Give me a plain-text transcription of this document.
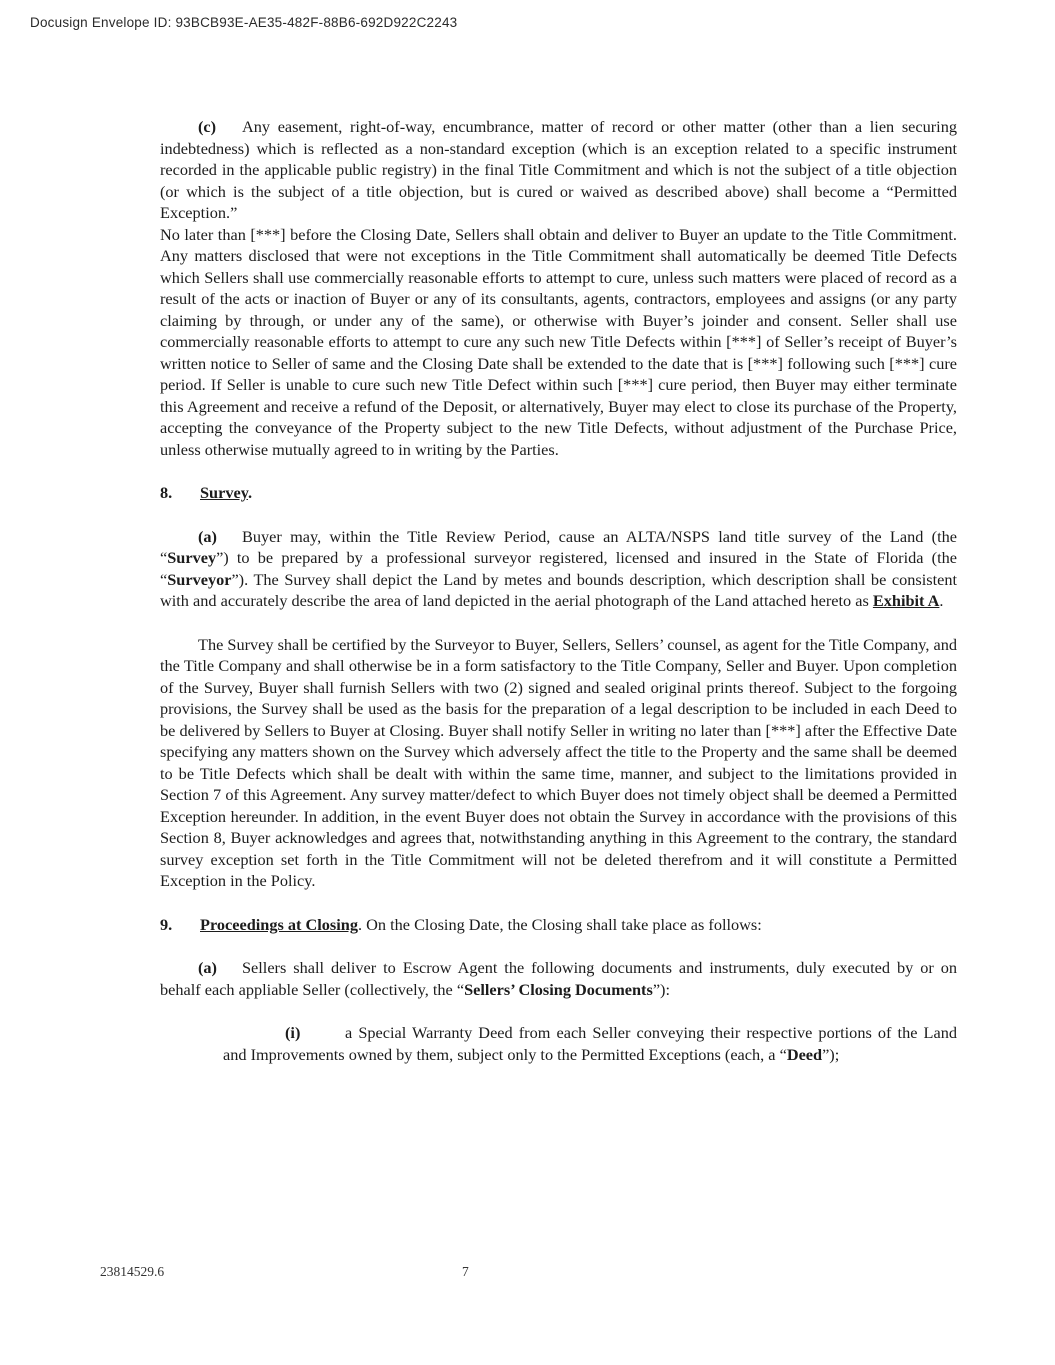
Docusign Envelope ID: 93BCB93E-AE35-482F-88B6-692D922C2243
(c) Any easement, right-of-way, encumbrance, matter of record or other matter (other than a lien securing indebtedness) which is reflected as a non-standard exception (which is an exception related to a specific instrument recorded in the applicable public registry) in the final Title Commitment and which is not the subject of a title objection (or which is the subject of a title objection, but is cured or waived as described above) shall become a “Permitted Exception.”
No later than [***] before the Closing Date, Sellers shall obtain and deliver to Buyer an update to the Title Commitment. Any matters disclosed that were not exceptions in the Title Commitment shall automatically be deemed Title Defects which Sellers shall use commercially reasonable efforts to attempt to cure, unless such matters were placed of record as a result of the acts or inaction of Buyer or any of its consultants, agents, contractors, employees and assigns (or any party claiming by through, or under any of the same), or otherwise with Buyer’s joinder and consent. Seller shall use commercially reasonable efforts to attempt to cure any such new Title Defects within [***] of Seller’s receipt of Buyer’s written notice to Seller of same and the Closing Date shall be extended to the date that is [***] following such [***] cure period. If Seller is unable to cure such new Title Defect within such [***] cure period, then Buyer may either terminate this Agreement and receive a refund of the Deposit, or alternatively, Buyer may elect to close its purchase of the Property, accepting the conveyance of the Property subject to the new Title Defects, without adjustment of the Purchase Price, unless otherwise mutually agreed to in writing by the Parties.
8. Survey.
(a) Buyer may, within the Title Review Period, cause an ALTA/NSPS land title survey of the Land (the “Survey”) to be prepared by a professional surveyor registered, licensed and insured in the State of Florida (the “Surveyor”). The Survey shall depict the Land by metes and bounds description, which description shall be consistent with and accurately describe the area of land depicted in the aerial photograph of the Land attached hereto as Exhibit A.
The Survey shall be certified by the Surveyor to Buyer, Sellers, Sellers’ counsel, as agent for the Title Company, and the Title Company and shall otherwise be in a form satisfactory to the Title Company, Seller and Buyer. Upon completion of the Survey, Buyer shall furnish Sellers with two (2) signed and sealed original prints thereof. Subject to the forgoing provisions, the Survey shall be used as the basis for the preparation of a legal description to be included in each Deed to be delivered by Sellers to Buyer at Closing. Buyer shall notify Seller in writing no later than [***] after the Effective Date specifying any matters shown on the Survey which adversely affect the title to the Property and the same shall be deemed to be Title Defects which shall be dealt with within the same time, manner, and subject to the limitations provided in Section 7 of this Agreement. Any survey matter/defect to which Buyer does not timely object shall be deemed a Permitted Exception hereunder. In addition, in the event Buyer does not obtain the Survey in accordance with the provisions of this Section 8, Buyer acknowledges and agrees that, notwithstanding anything in this Agreement to the contrary, the standard survey exception set forth in the Title Commitment will not be deleted therefrom and it will constitute a Permitted Exception in the Policy.
9. Proceedings at Closing. On the Closing Date, the Closing shall take place as follows:
(a) Sellers shall deliver to Escrow Agent the following documents and instruments, duly executed by or on behalf each appliable Seller (collectively, the “Sellers’ Closing Documents”):
(i)	a Special Warranty Deed from each Seller conveying their respective portions of the Land and Improvements owned by them, subject only to the Permitted Exceptions (each, a “Deed”);
23814529.6	7
